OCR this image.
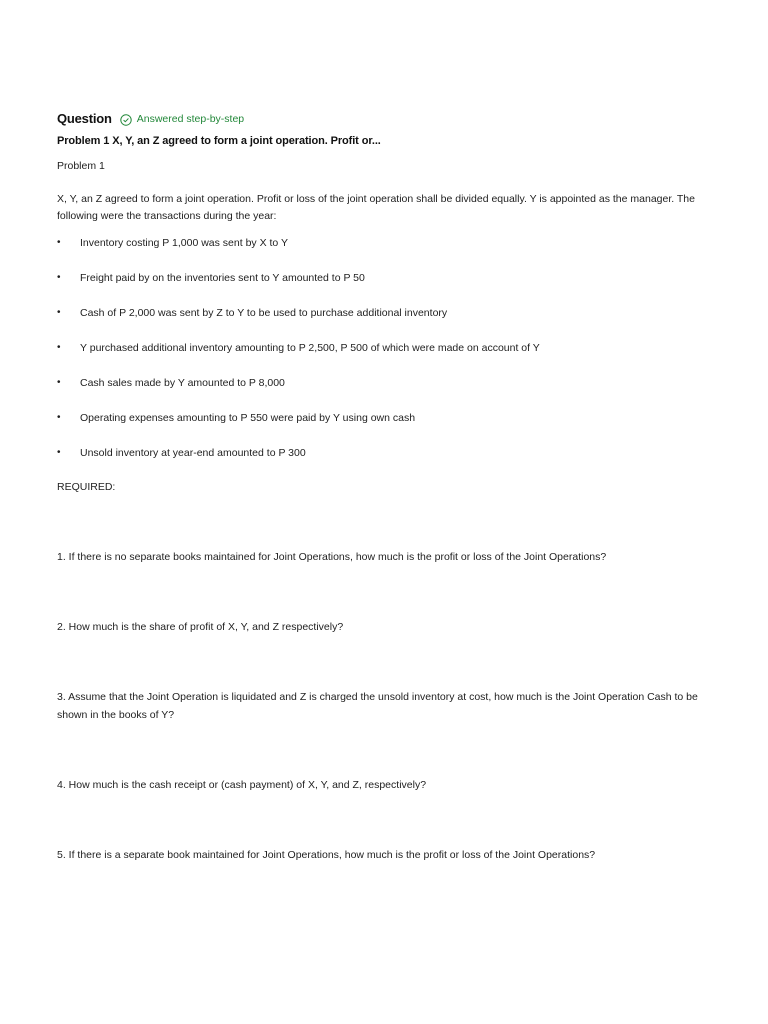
Question Answered step-by-step
Problem 1 X, Y, an Z agreed to form a joint operation. Profit or...
Problem 1
X, Y, an Z agreed to form a joint operation. Profit or loss of the joint operation shall be divided equally. Y is appointed as the manager. The following were the transactions during the year:
• Inventory costing P 1,000 was sent by X to Y
• Freight paid by on the inventories sent to Y amounted to P 50
• Cash of P 2,000 was sent by Z to Y to be used to purchase additional inventory
• Y purchased additional inventory amounting to P 2,500, P 500 of which were made on account of Y
• Cash sales made by Y amounted to P 8,000
• Operating expenses amounting to P 550 were paid by Y using own cash
• Unsold inventory at year-end amounted to P 300
REQUIRED:
1. If there is no separate books maintained for Joint Operations, how much is the profit or loss of the Joint Operations?
2. How much is the share of profit of X, Y, and Z respectively?
3. Assume that the Joint Operation is liquidated and Z is charged the unsold inventory at cost, how much is the Joint Operation Cash to be shown in the books of Y?
4. How much is the cash receipt or (cash payment) of X, Y, and Z, respectively?
5. If there is a separate book maintained for Joint Operations, how much is the profit or loss of the Joint Operations?
